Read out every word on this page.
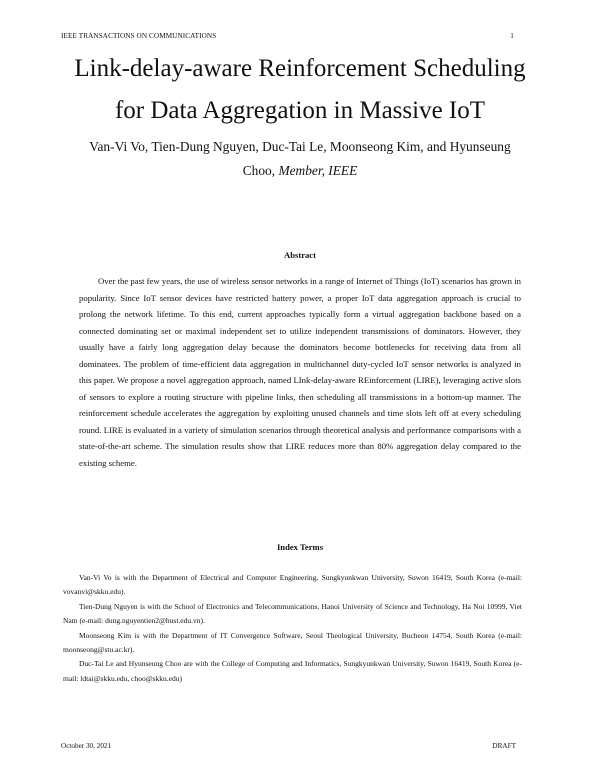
IEEE TRANSACTIONS ON COMMUNICATIONS	1
Link-delay-aware Reinforcement Scheduling
for Data Aggregation in Massive IoT
Van-Vi Vo, Tien-Dung Nguyen, Duc-Tai Le, Moonseong Kim, and Hyunseung
Choo, Member, IEEE
Abstract

Over the past few years, the use of wireless sensor networks in a range of Internet of Things (IoT) scenarios has grown in popularity. Since IoT sensor devices have restricted battery power, a proper IoT data aggregation approach is crucial to prolong the network lifetime. To this end, current approaches typically form a virtual aggregation backbone based on a connected dominating set or maximal independent set to utilize independent transmissions of dominators. However, they usually have a fairly long aggregation delay because the dominators become bottlenecks for receiving data from all dominatees. The problem of time-efficient data aggregation in multichannel duty-cycled IoT sensor networks is analyzed in this paper. We propose a novel aggregation approach, named LInk-delay-aware REinforcement (LIRE), leveraging active slots of sensors to explore a routing structure with pipeline links, then scheduling all transmissions in a bottom-up manner. The reinforcement schedule accelerates the aggregation by exploiting unused channels and time slots left off at every scheduling round. LIRE is evaluated in a variety of simulation scenarios through theoretical analysis and performance comparisons with a state-of-the-art scheme. The simulation results show that LIRE reduces more than 80% aggregation delay compared to the existing scheme.

Index Terms

Van-Vi Vo is with the Department of Electrical and Computer Engineering, Sungkyunkwan University, Suwon 16419, South Korea (e-mail: vovanvi@skku.edu).

Tien-Dung Nguyen is with the School of Electronics and Telecommunications, Hanoi University of Science and Technology, Ha Noi 10999, Viet Nam (e-mail: dung.nguyentien2@hust.edu.vn).

Moonseong Kim is with the Department of IT Convergence Software, Seoul Theological University, Bucheon 14754, South Korea (e-mail: moonseong@stu.ac.kr).

Duc-Tai Le and Hyunseung Choo are with the College of Computing and Informatics, Sungkyunkwan University, Suwon 16419, South Korea (e-mail: ldtai@skku.edu, choo@skku.edu)

October 30, 2021	DRAFT
